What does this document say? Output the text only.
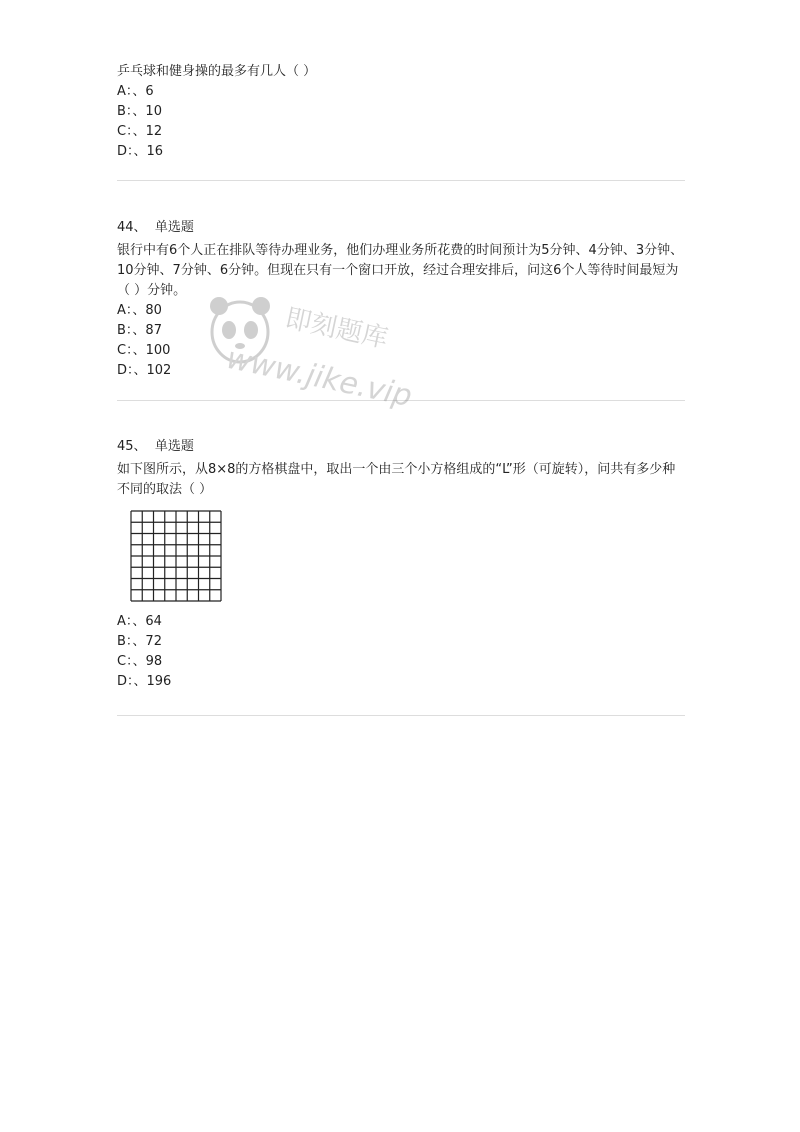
乒乓球和健身操的最多有几人（ ）
A：、6
B：、10
C：、12
D：、16
44、 单选题
银行中有6个人正在排队等待办理业务，他们办理业务所花费的时间预计为5分钟、4分钟、3分钟、10分钟、7分钟、6分钟。但现在只有一个窗口开放，经过合理安排后，问这6个人等待时间最短为（ ）分钟。
A：、80
B：、87
C：、100
D：、102
45、 单选题
如下图所示，从8×8的方格棋盘中，取出一个由三个小方格组成的“L”形（可旋转），问共有多少种不同的取法（ ）
A：、64
B：、72
C：、98
D：、196
即刻题库
www.jike.vip
